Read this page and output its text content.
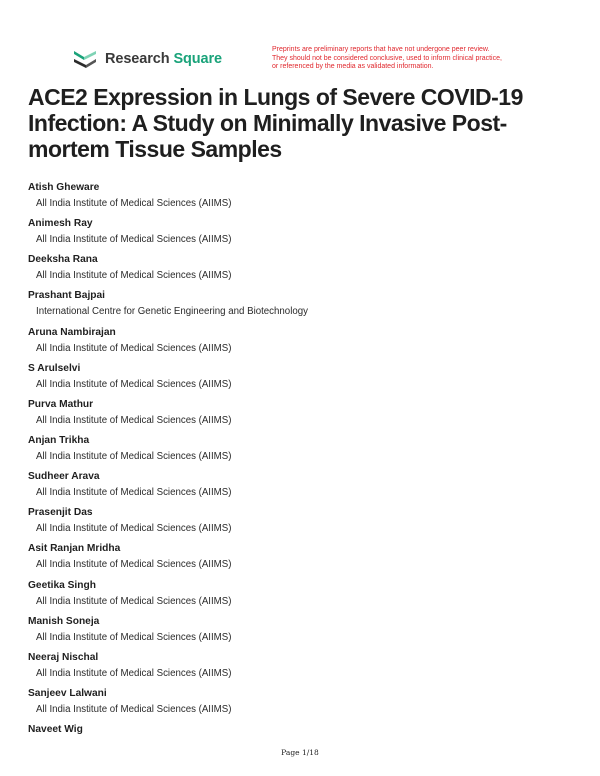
Research Square
Preprints are preliminary reports that have not undergone peer review.
They should not be considered conclusive, used to inform clinical practice,
or referenced by the media as validated information.
ACE2 Expression in Lungs of Severe COVID-19 Infection: A Study on Minimally Invasive Post-mortem Tissue Samples
Atish Gheware
All India Institute of Medical Sciences (AIIMS)
Animesh Ray
All India Institute of Medical Sciences (AIIMS)
Deeksha Rana
All India Institute of Medical Sciences (AIIMS)
Prashant Bajpai
International Centre for Genetic Engineering and Biotechnology
Aruna Nambirajan
All India Institute of Medical Sciences (AIIMS)
S Arulselvi
All India Institute of Medical Sciences (AIIMS)
Purva Mathur
All India Institute of Medical Sciences (AIIMS)
Anjan Trikha
All India Institute of Medical Sciences (AIIMS)
Sudheer Arava
All India Institute of Medical Sciences (AIIMS)
Prasenjit Das
All India Institute of Medical Sciences (AIIMS)
Asit Ranjan Mridha
All India Institute of Medical Sciences (AIIMS)
Geetika Singh
All India Institute of Medical Sciences (AIIMS)
Manish Soneja
All India Institute of Medical Sciences (AIIMS)
Neeraj Nischal
All India Institute of Medical Sciences (AIIMS)
Sanjeev Lalwani
All India Institute of Medical Sciences (AIIMS)
Naveet Wig
Page 1/18
